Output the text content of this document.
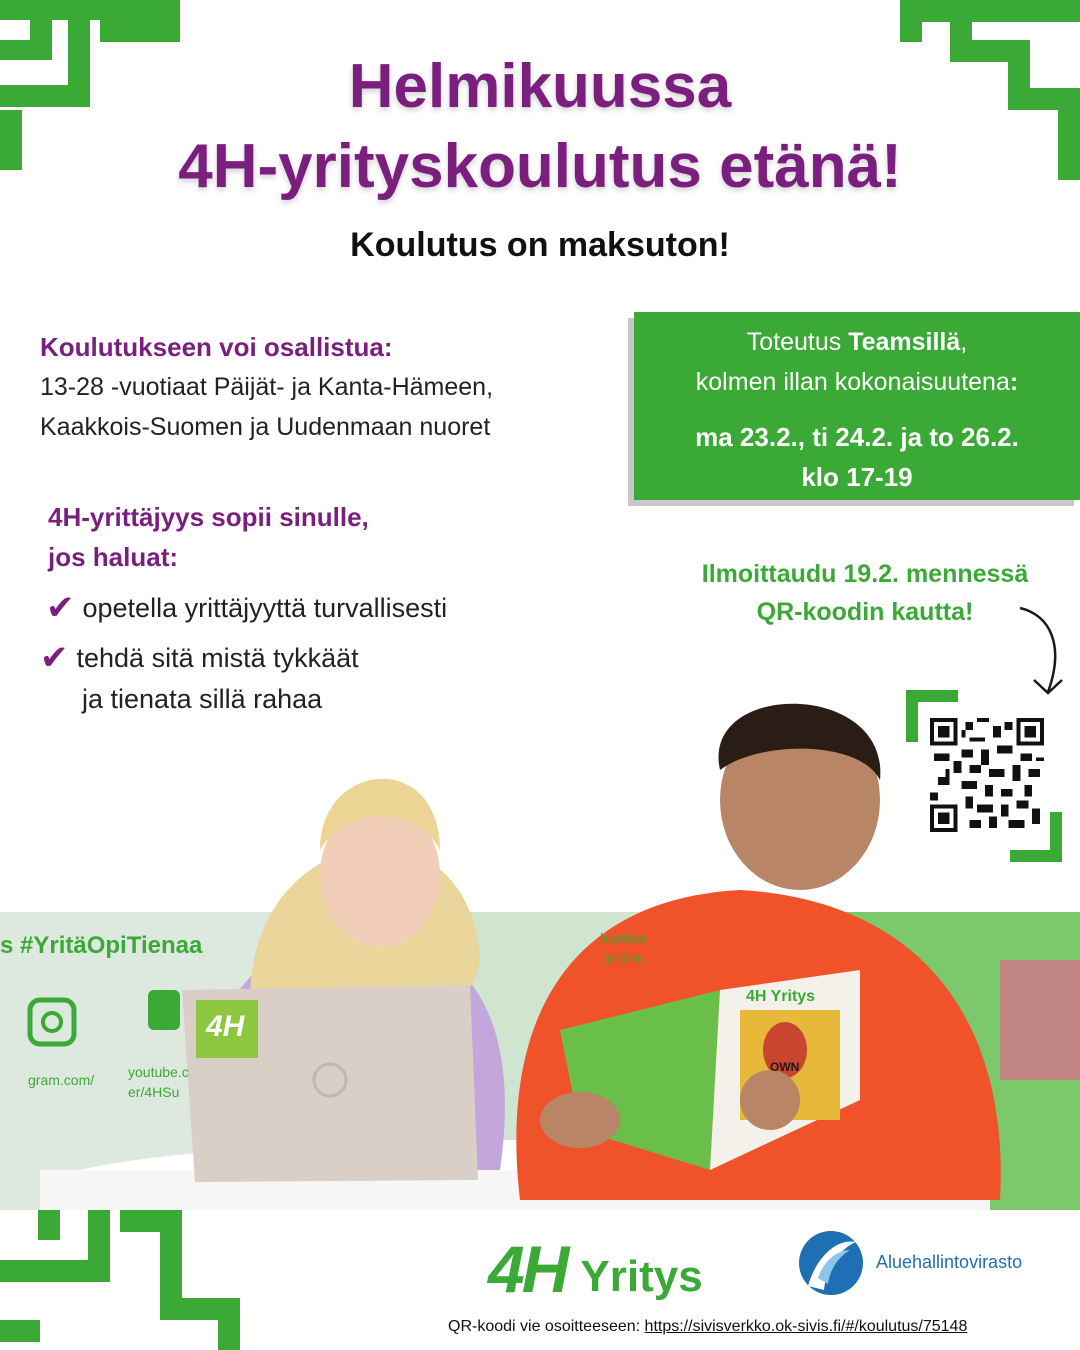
Helmikuussa
4H-yrityskoulutus etänä!
Koulutus on maksuton!
Koulutukseen voi osallistua:
13-28 -vuotiaat Päijät- ja Kanta-Hämeen,
Kaakkois-Suomen ja Uudenmaan nuoret
4H-yrittäjyys sopii sinulle,
jos haluat:
✔ opetella yrittäjyyttä turvallisesti
✔ tehdä sitä mistä tykkäät
ja tienata sillä rahaa
Toteutus Teamsillä,
kolmen illan kokonaisuutena:
ma 23.2., ti 24.2. ja to 26.2.
klo 17-19
Ilmoittaudu 19.2. mennessä
QR-koodin kautta!
s #YritäOpiTienaa
gram.com/ youtube.c
er/4HSu
luontoa
amme.
4H
4H Yritys
OWN
4H Yritys	Aluehallintovirasto
QR-koodi vie osoitteeseen: https://sivisverkko.ok-sivis.fi/#/koulutus/75148
